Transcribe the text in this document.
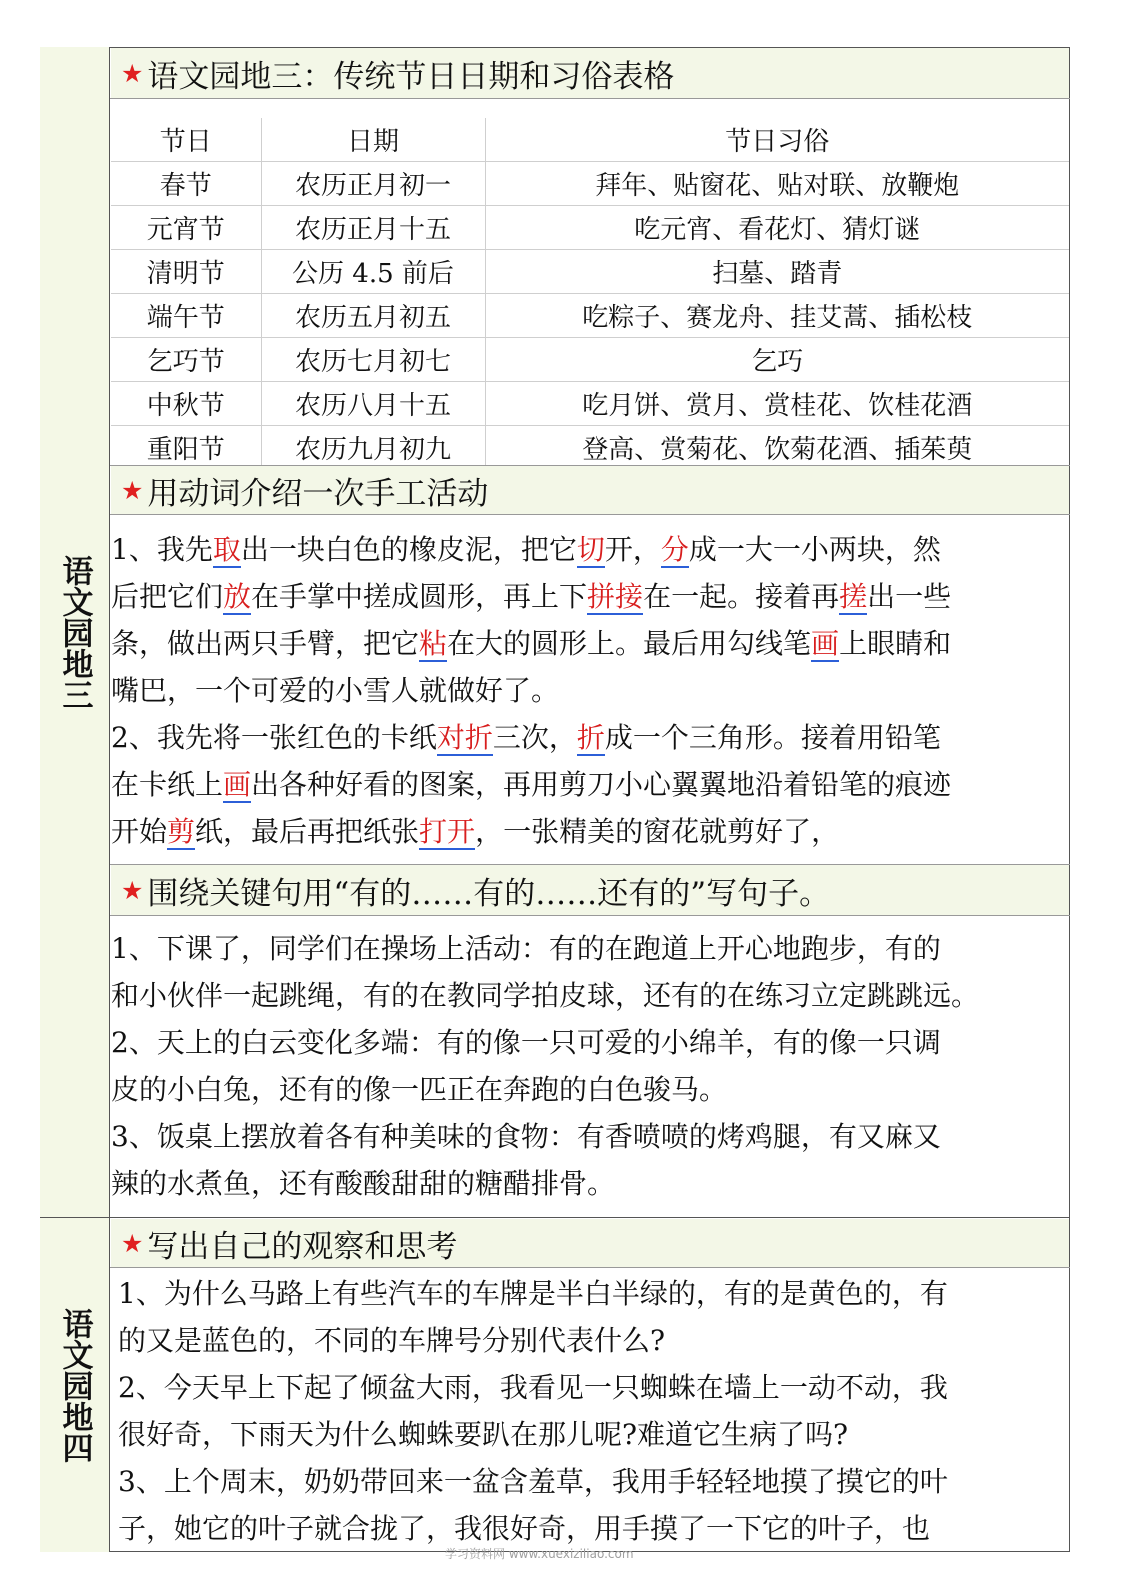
语文园地三
语文园地四
★ 语文园地三：传统节日日期和习俗表格
节日	日期	节日习俗
春节	农历正月初一	拜年、贴窗花、贴对联、放鞭炮
元宵节	农历正月十五	吃元宵、看花灯、猜灯谜
清明节	公历 4.5 前后	扫墓、踏青
端午节	农历五月初五	吃粽子、赛龙舟、挂艾蒿、插松枝
乞巧节	农历七月初七	乞巧
中秋节	农历八月十五	吃月饼、赏月、赏桂花、饮桂花酒
重阳节	农历九月初九	登高、赏菊花、饮菊花酒、插茱萸
★ 用动词介绍一次手工活动
1、我先取出一块白色的橡皮泥，把它切开，分成一大一小两块，然
后把它们放在手掌中搓成圆形，再上下拼接在一起。接着再搓出一些
条，做出两只手臂，把它粘在大的圆形上。最后用勾线笔画上眼睛和
嘴巴，一个可爱的小雪人就做好了。
2、我先将一张红色的卡纸对折三次，折成一个三角形。接着用铅笔
在卡纸上画出各种好看的图案，再用剪刀小心翼翼地沿着铅笔的痕迹
开始剪纸，最后再把纸张打开，一张精美的窗花就剪好了，
★ 围绕关键句用“有的……有的……还有的”写句子。
1、下课了，同学们在操场上活动：有的在跑道上开心地跑步，有的
和小伙伴一起跳绳，有的在教同学拍皮球，还有的在练习立定跳跳远。
2、天上的白云变化多端：有的像一只可爱的小绵羊，有的像一只调
皮的小白兔，还有的像一匹正在奔跑的白色骏马。
3、饭桌上摆放着各有种美味的食物：有香喷喷的烤鸡腿，有又麻又
辣的水煮鱼，还有酸酸甜甜的糖醋排骨。
★ 写出自己的观察和思考
1、为什么马路上有些汽车的车牌是半白半绿的，有的是黄色的，有
的又是蓝色的，不同的车牌号分别代表什么?
2、今天早上下起了倾盆大雨，我看见一只蜘蛛在墙上一动不动，我
很好奇，下雨天为什么蜘蛛要趴在那儿呢?难道它生病了吗?
3、上个周末，奶奶带回来一盆含羞草，我用手轻轻地摸了摸它的叶
子，她它的叶子就合拢了，我很好奇，用手摸了一下它的叶子，也
学习资料网 www.xuexiziliao.com
